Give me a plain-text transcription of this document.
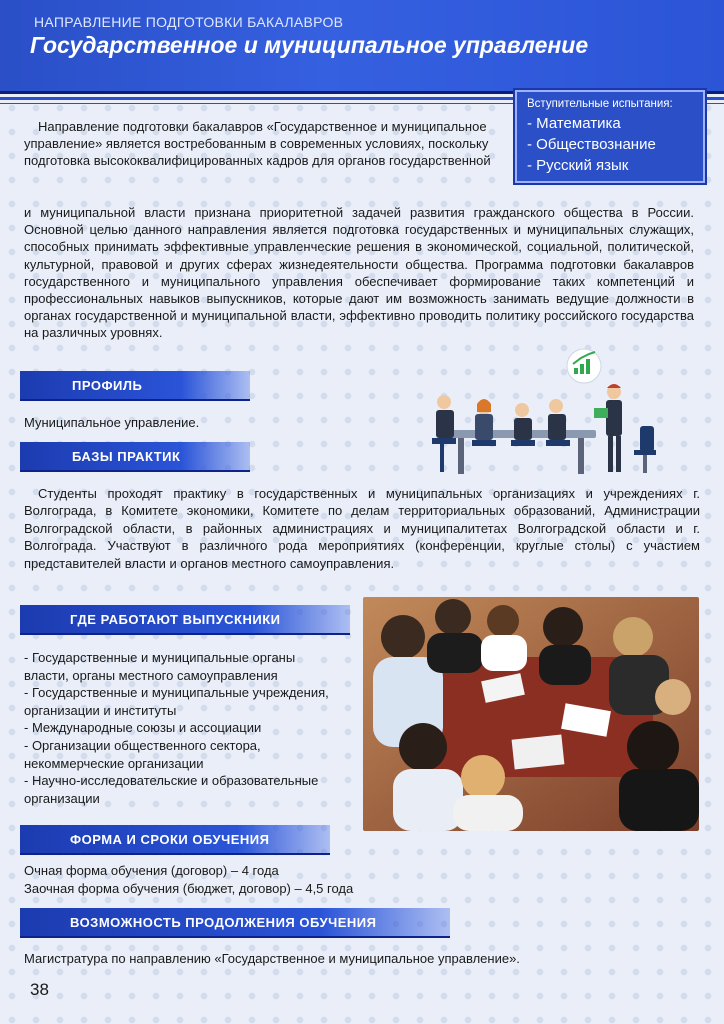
НАПРАВЛЕНИЕ ПОДГОТОВКИ БАКАЛАВРОВ
Государственное и муниципальное управление
Вступительные испытания:
- Математика
- Обществознание
- Русский язык
Направление подготовки бакалавров «Государственное и муниципальное управление» является востребованным в современных условиях, поскольку подготовка высококвалифицированных кадров для органов государственной
и муниципальной власти признана приоритетной задачей развития гражданского общества в России. Основной целью данного направления является подготовка государственных и муниципальных служащих, способных принимать эффективные управленческие решения в экономической, социальной, политической, культурной, правовой и других сферах жизнедеятельности общества. Программа подготовки бакалавров государственного и муниципального управления обеспечивает формирование таких компетенций и профессиональных навыков выпускников, которые дают им возможность занимать ведущие должности в органах государственной и муниципальной власти, эффективно проводить политику российского государства на различных уровнях.
ПРОФИЛЬ
Муниципальное управление.
БАЗЫ ПРАКТИК
Студенты проходят практику в государственных и муниципальных организациях и учреждениях г. Волгограда, в Комитете экономики, Комитете по делам территориальных образований, Администрации Волгоградской области, в районных администрациях и муниципалитетах Волгоградской области и г. Волгограда. Участвуют в различного рода мероприятиях (конференции, круглые столы) с участием представителей власти и органов местного самоуправления.
ГДЕ РАБОТАЮТ ВЫПУСКНИКИ
- Государственные и муниципальные органы
власти, органы местного самоуправления
- Государственные и муниципальные учреждения,
организации и институты
- Международные союзы и ассоциации
- Организации общественного сектора,
некоммерческие организации
- Научно-исследовательские и образовательные
организации
ФОРМА И СРОКИ ОБУЧЕНИЯ
Очная форма обучения (договор) – 4 года
Заочная форма обучения (бюджет, договор) – 4,5 года
ВОЗМОЖНОСТЬ ПРОДОЛЖЕНИЯ ОБУЧЕНИЯ
Магистратура по направлению «Государственное и муниципальное управление».
38
